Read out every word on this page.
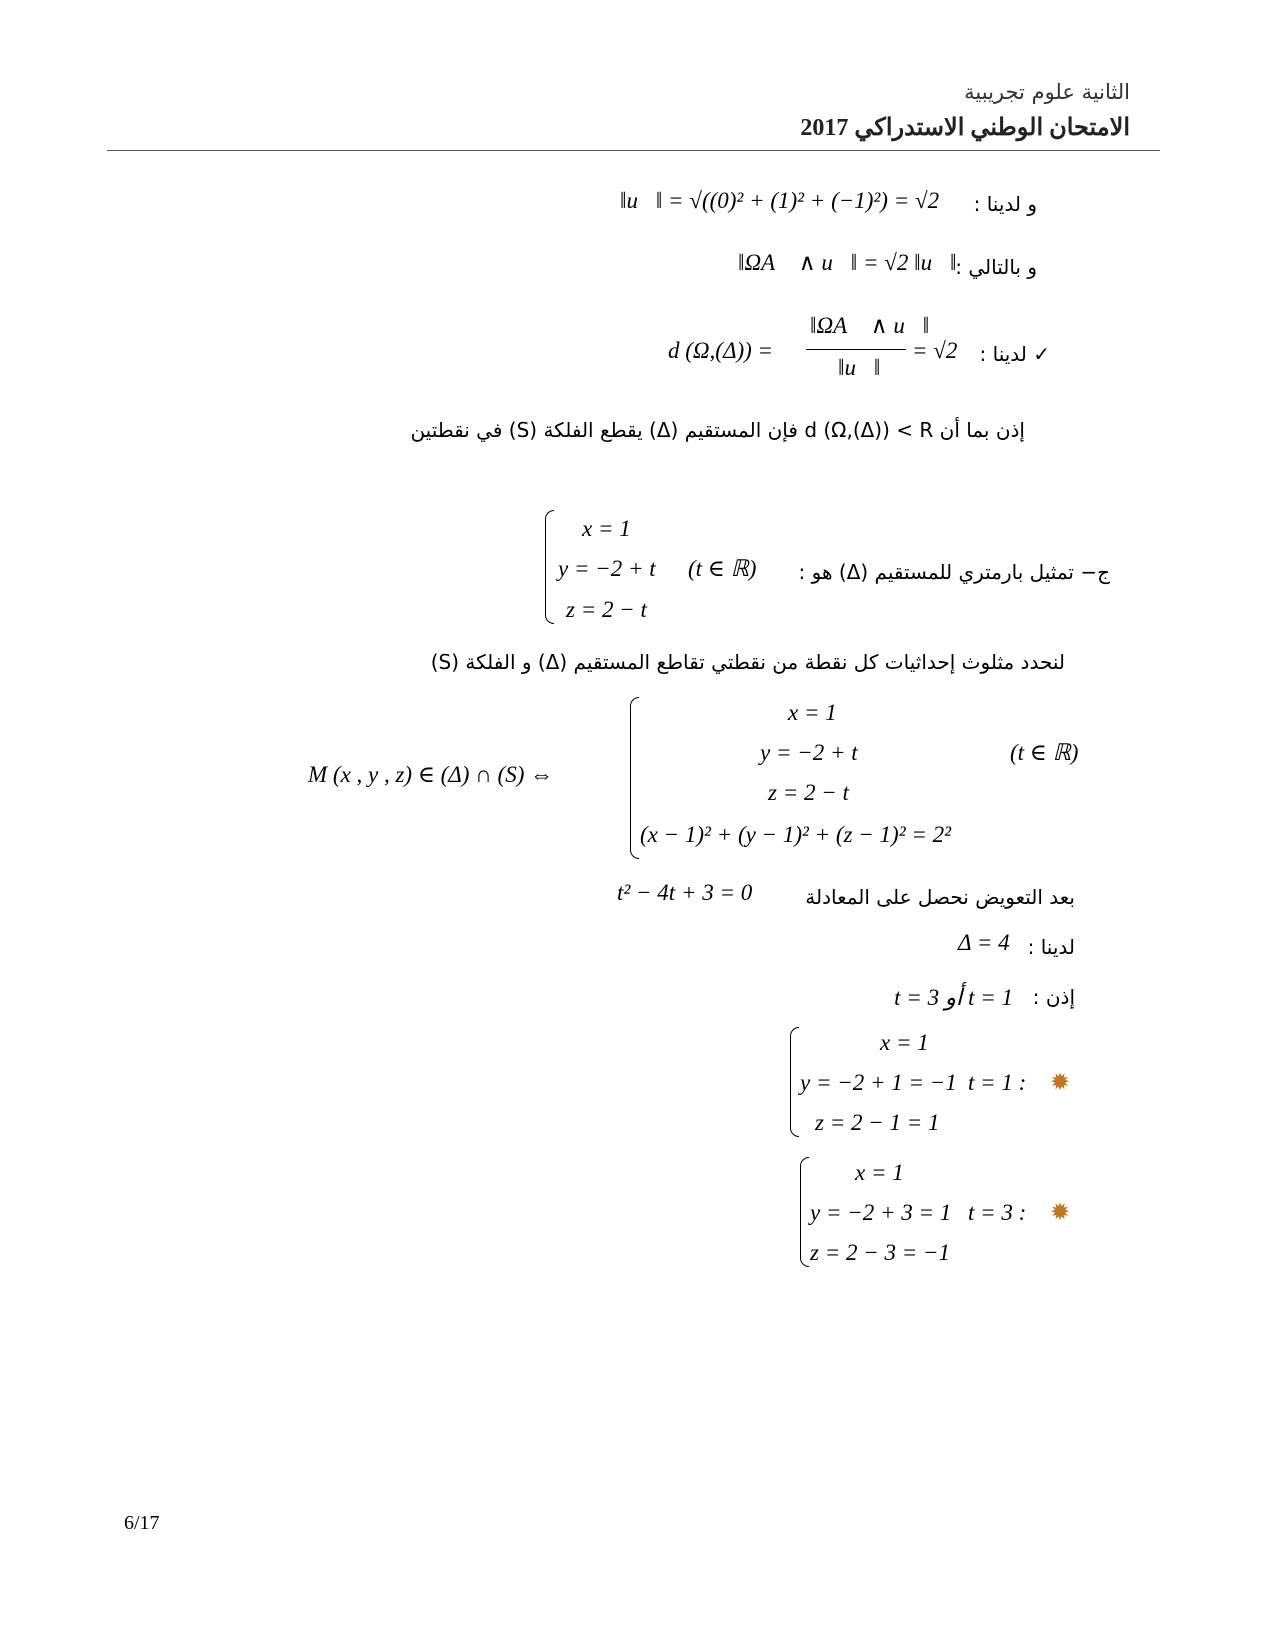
الثانية علوم تجريبية
الامتحان الوطني الاستدراكي 2017
و لدينا :
‖u⃗‖ = √((0)² + (1)² + (−1)²) = √2
و بالتالي :
‖ΩA⃗ ∧ u⃗‖ = √2 ‖u⃗‖
✓ لدينا :
d (Ω,(Δ)) =
‖ΩA⃗ ∧ u⃗‖
‖u⃗‖
= √2
إذن بما أن d (Ω,(Δ)) < R فإن المستقيم (Δ) يقطع الفلكة (S) في نقطتين
ج− تمثيل بارمتري للمستقيم (Δ) هو :
(t ∈ ℝ)
x = 1
y = −2 + t
z = 2 − t
لنحدد مثلوث إحداثيات كل نقطة من نقطتي تقاطع المستقيم (Δ) و الفلكة (S)
M (x , y , z) ∈ (Δ) ∩ (S) ⇔
x = 1
y = −2 + t
z = 2 − t
(x − 1)² + (y − 1)² + (z − 1)² = 2²
(t ∈ ℝ)
بعد التعويض نحصل على المعادلة
t² − 4t + 3 = 0
لدينا :
Δ = 4
إذن :
t = 3 أو t = 1
x = 1
y = −2 + 1 = −1 t = 1 :
z = 2 − 1 = 1
✹
x = 1
y = −2 + 3 = 1 t = 3 :
z = 2 − 3 = −1
✹
6/17
